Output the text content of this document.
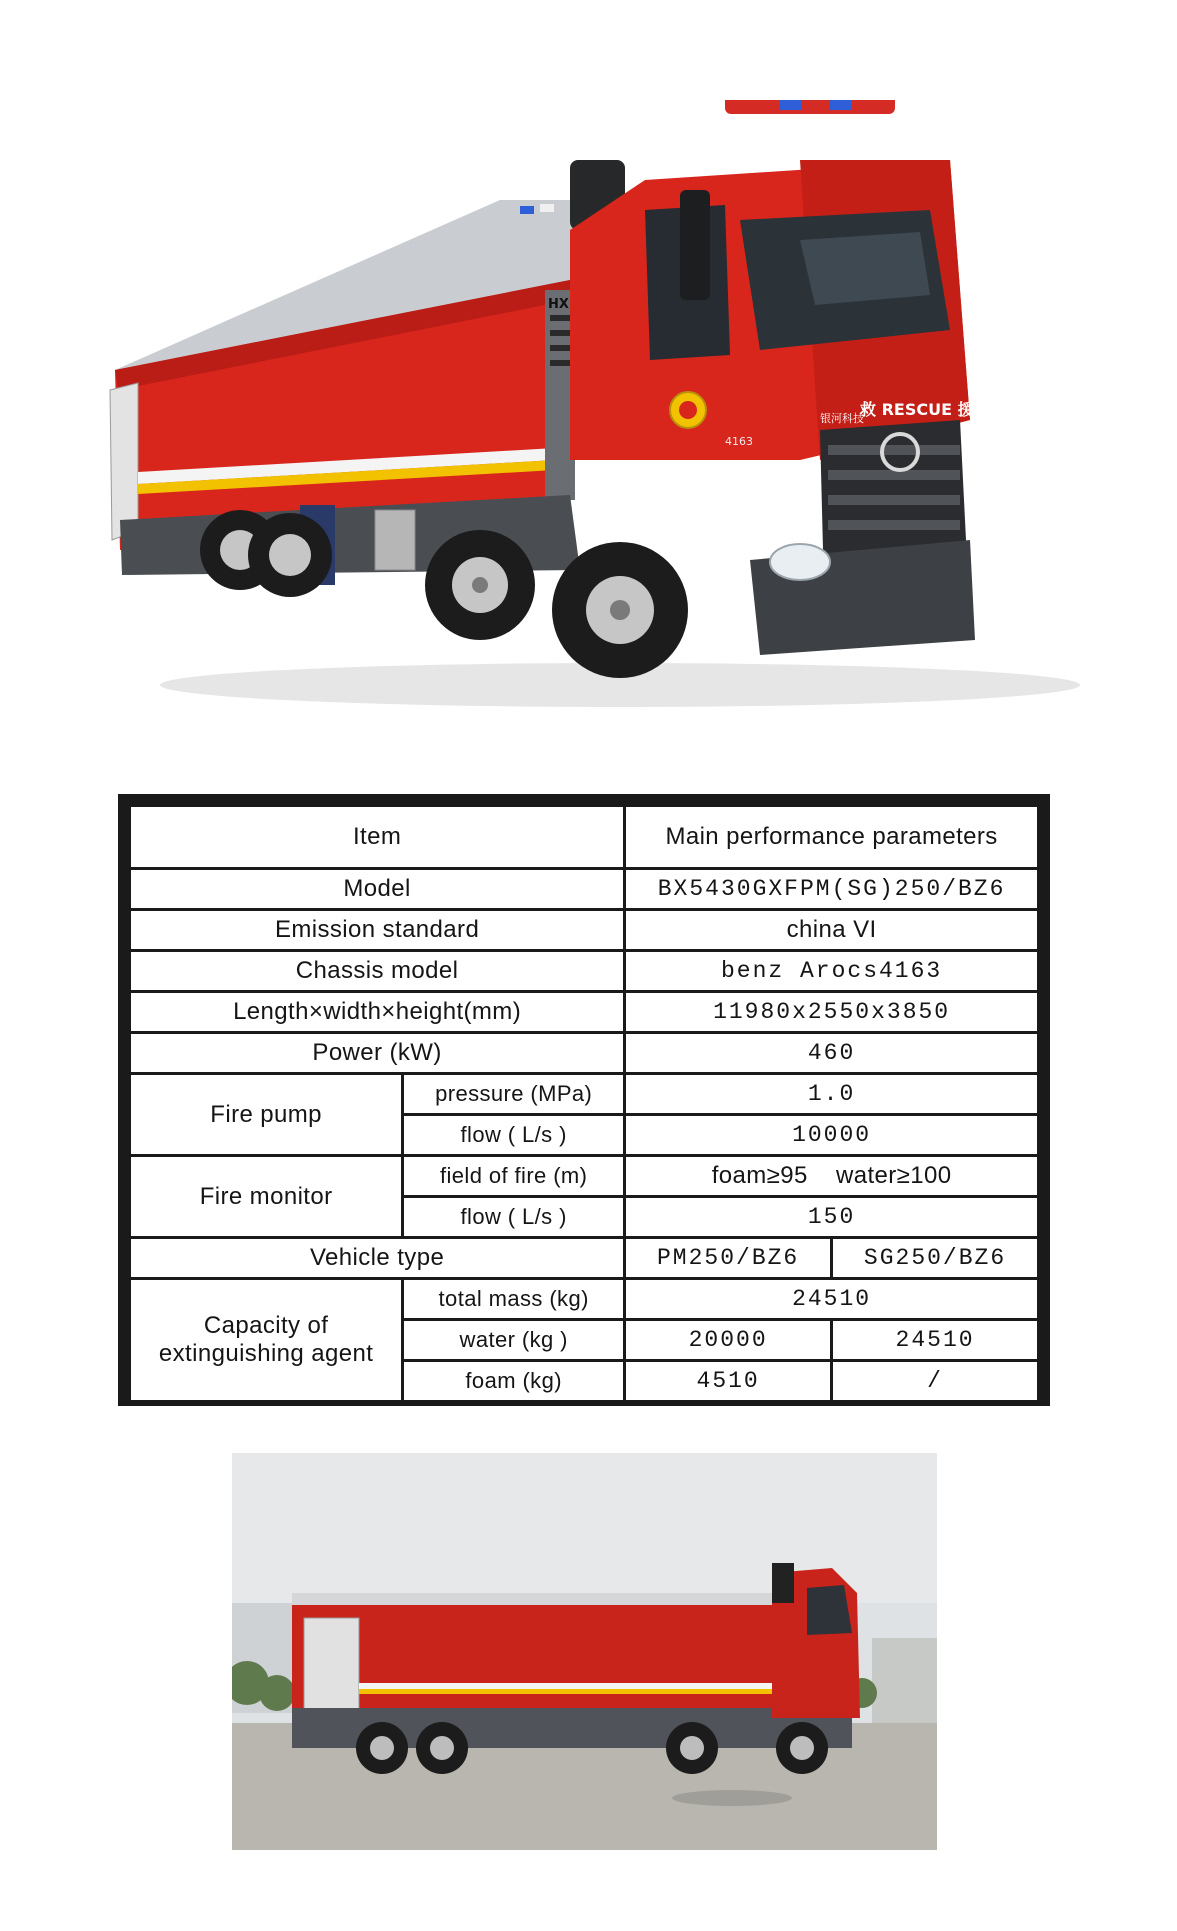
救 RESCUE 援
银河科技
4163
HX
Item		Main performance parameters	
Model		BX5430GXFPM(SG)250/BZ6	
Emission standard		china VI	
Chassis model		benz Arocs4163	
Length×width×height(mm)		11980x2550x3850	
Power (kW)		460	
Fire pump	pressure (MPa)	1.0	
	flow ( L/s )	10000	
Fire monitor	field of fire (m)	foam≥95    water≥100	
	flow ( L/s )	150	
Vehicle type		PM250/BZ6	SG250/BZ6

Capacity of
extinguishing agent	total mass (kg)	24510	
	water (kg )	20000	24510
	foam (kg)	4510	/
